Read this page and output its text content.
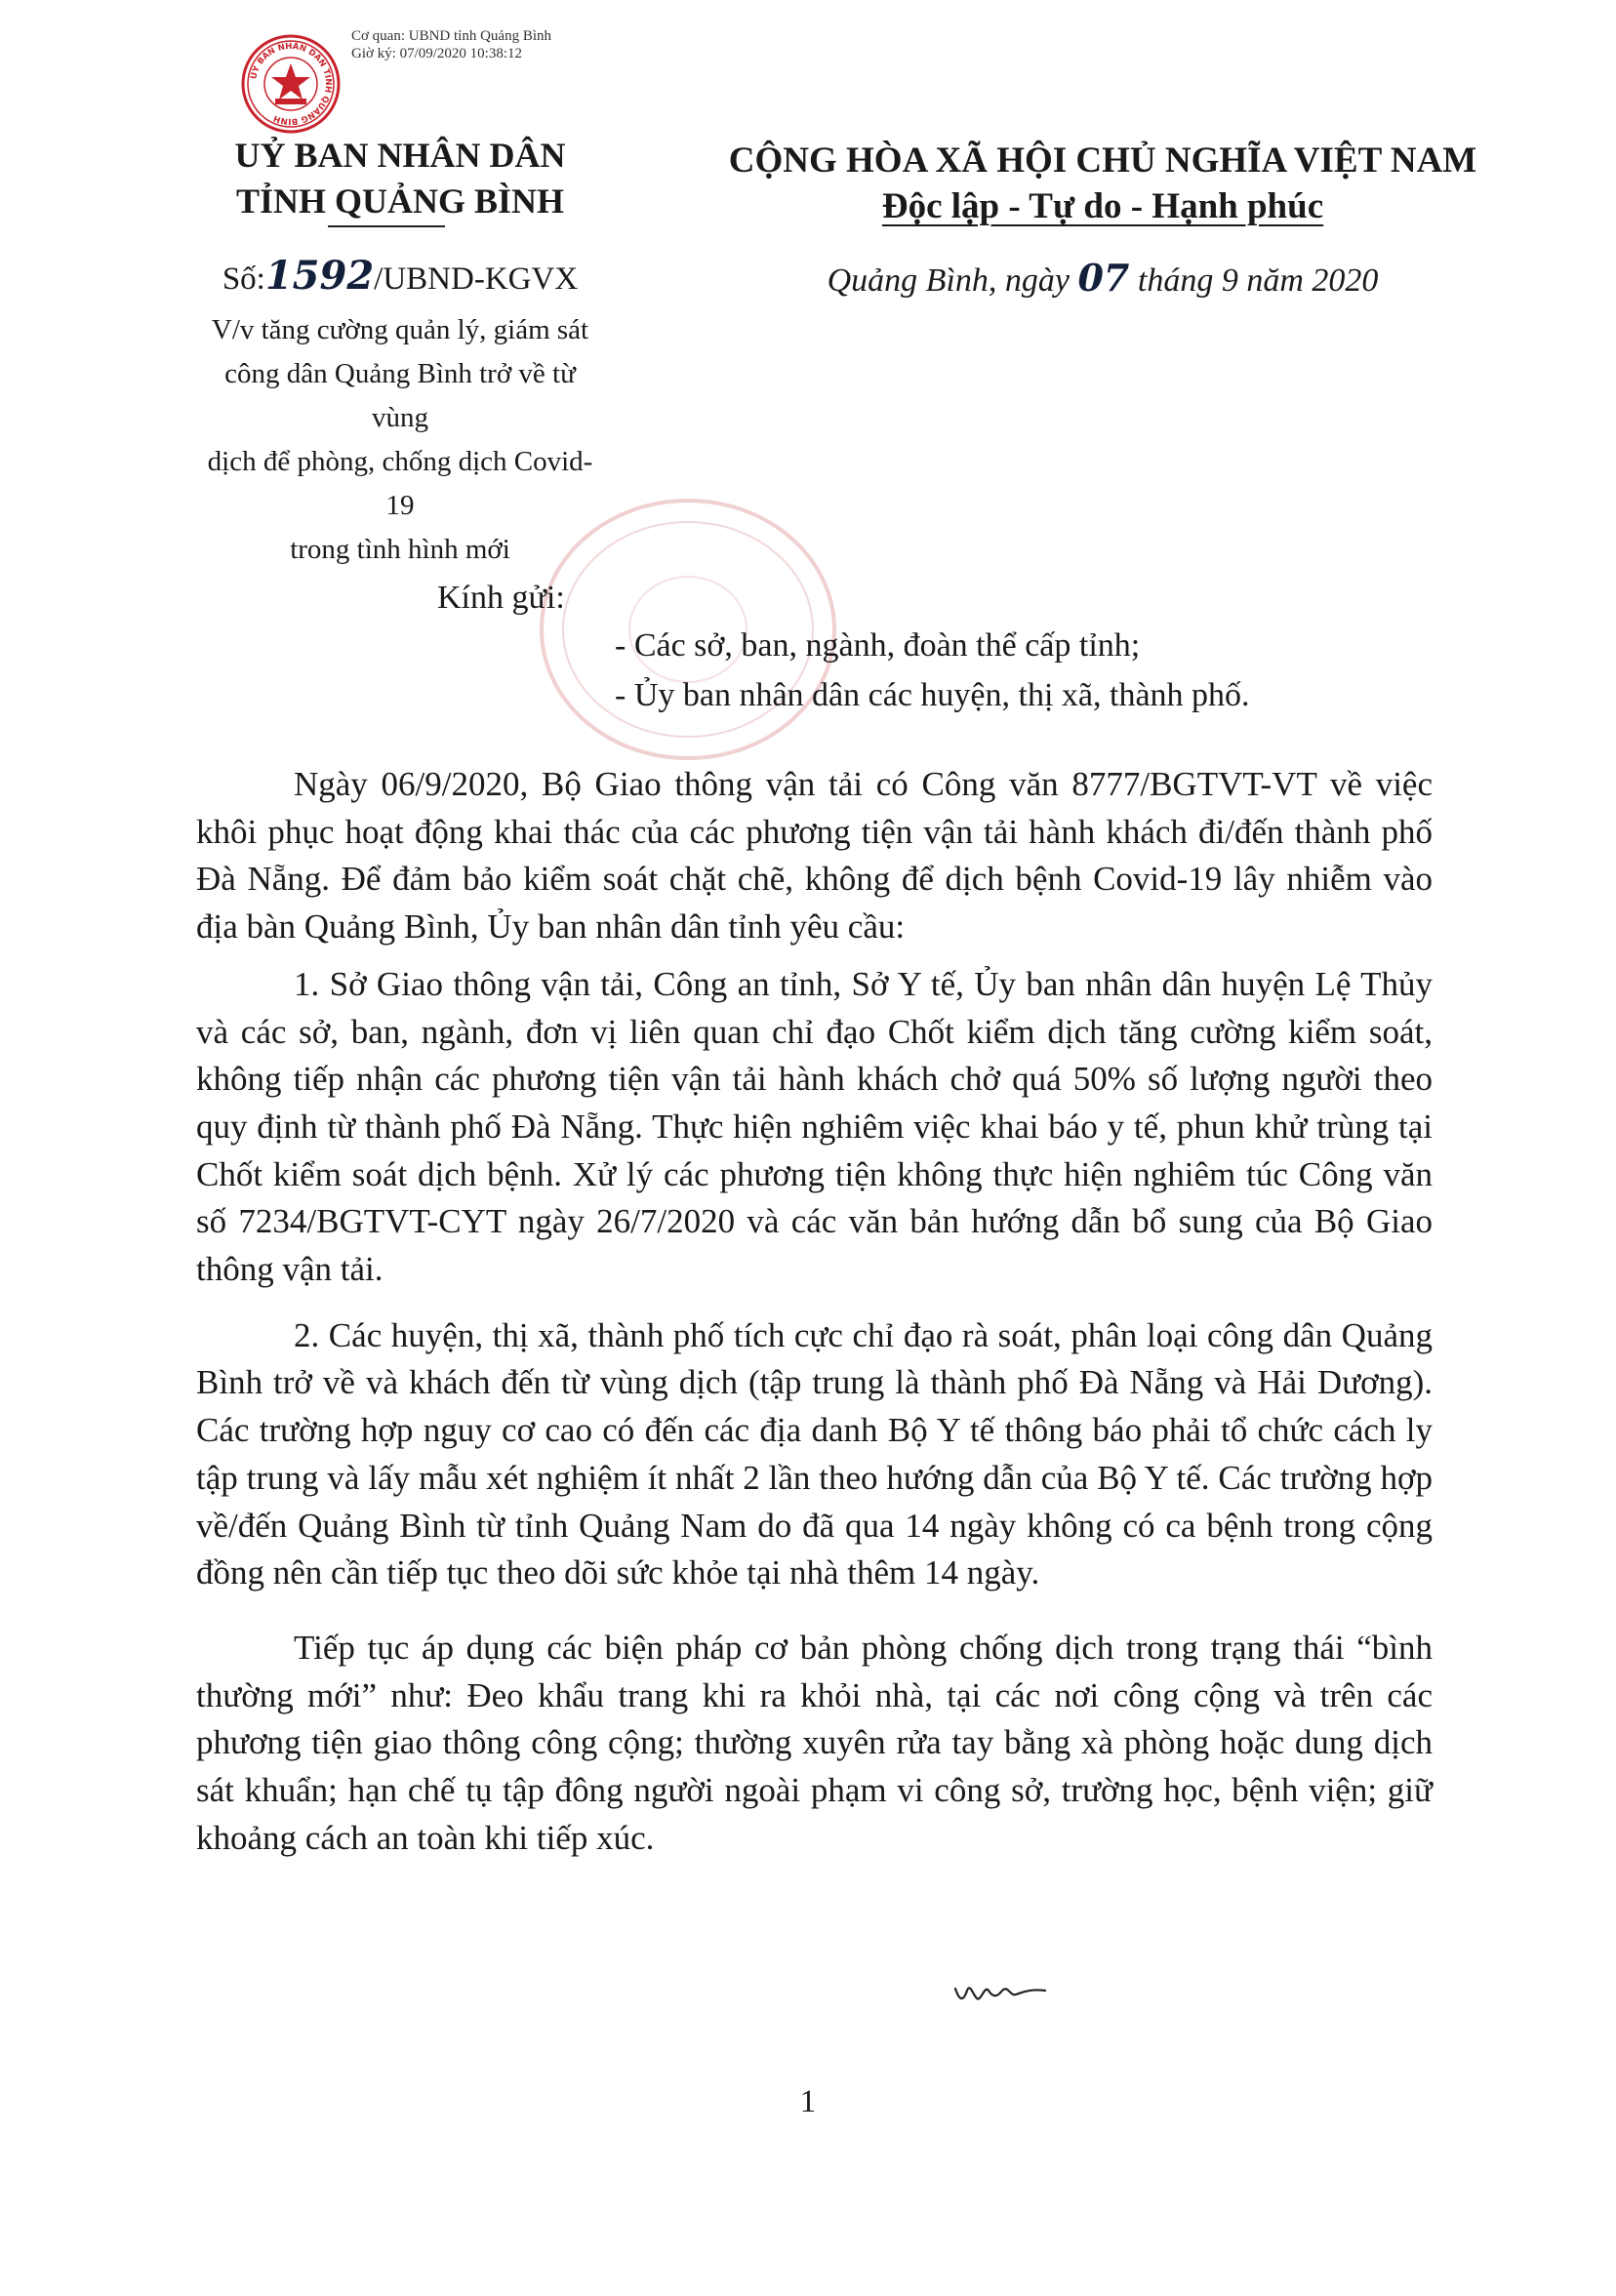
ỦY BAN NHÂN DÂN TỈNH QUẢNG BÌNH
Cơ quan: UBND tỉnh Quảng Bình
Giờ ký: 07/09/2020 10:38:12
UỶ BAN NHÂN DÂN
TỈNH QUẢNG BÌNH
CỘNG HÒA XÃ HỘI CHỦ NGHĨA VIỆT NAM
Độc lập - Tự do - Hạnh phúc
Số:1592/UBND-KGVX
V/v tăng cường quản lý, giám sát
công dân Quảng Bình trở về từ vùng
dịch để phòng, chống dịch Covid-19
trong tình hình mới
Quảng Bình, ngày 07 tháng 9 năm 2020
Kính gửi:
- Các sở, ban, ngành, đoàn thể cấp tỉnh;
- Ủy ban nhân dân các huyện, thị xã, thành phố.

Ngày 06/9/2020, Bộ Giao thông vận tải có Công văn 8777/BGTVT-VT về việc khôi phục hoạt động khai thác của các phương tiện vận tải hành khách đi/đến thành phố Đà Nẵng. Để đảm bảo kiểm soát chặt chẽ, không để dịch bệnh Covid-19 lây nhiễm vào địa bàn Quảng Bình, Ủy ban nhân dân tỉnh yêu cầu:

1. Sở Giao thông vận tải, Công an tỉnh, Sở Y tế, Ủy ban nhân dân huyện Lệ Thủy và các sở, ban, ngành, đơn vị liên quan chỉ đạo Chốt kiểm dịch tăng cường kiểm soát, không tiếp nhận các phương tiện vận tải hành khách chở quá 50% số lượng người theo quy định từ thành phố Đà Nẵng. Thực hiện nghiêm việc khai báo y tế, phun khử trùng tại Chốt kiểm soát dịch bệnh. Xử lý các phương tiện không thực hiện nghiêm túc Công văn số 7234/BGTVT-CYT ngày 26/7/2020 và các văn bản hướng dẫn bổ sung của Bộ Giao thông vận tải.

2. Các huyện, thị xã, thành phố tích cực chỉ đạo rà soát, phân loại công dân Quảng Bình trở về và khách đến từ vùng dịch (tập trung là thành phố Đà Nẵng và Hải Dương). Các trường hợp nguy cơ cao có đến các địa danh Bộ Y tế thông báo phải tổ chức cách ly tập trung và lấy mẫu xét nghiệm ít nhất 2 lần theo hướng dẫn của Bộ Y tế. Các trường hợp về/đến Quảng Bình từ tỉnh Quảng Nam do đã qua 14 ngày không có ca bệnh trong cộng đồng nên cần tiếp tục theo dõi sức khỏe tại nhà thêm 14 ngày.

Tiếp tục áp dụng các biện pháp cơ bản phòng chống dịch trong trạng thái “bình thường mới” như: Đeo khẩu trang khi ra khỏi nhà, tại các nơi công cộng và trên các phương tiện giao thông công cộng; thường xuyên rửa tay bằng xà phòng hoặc dung dịch sát khuẩn; hạn chế tụ tập đông người ngoài phạm vi công sở, trường học, bệnh viện; giữ khoảng cách an toàn khi tiếp xúc.

1
